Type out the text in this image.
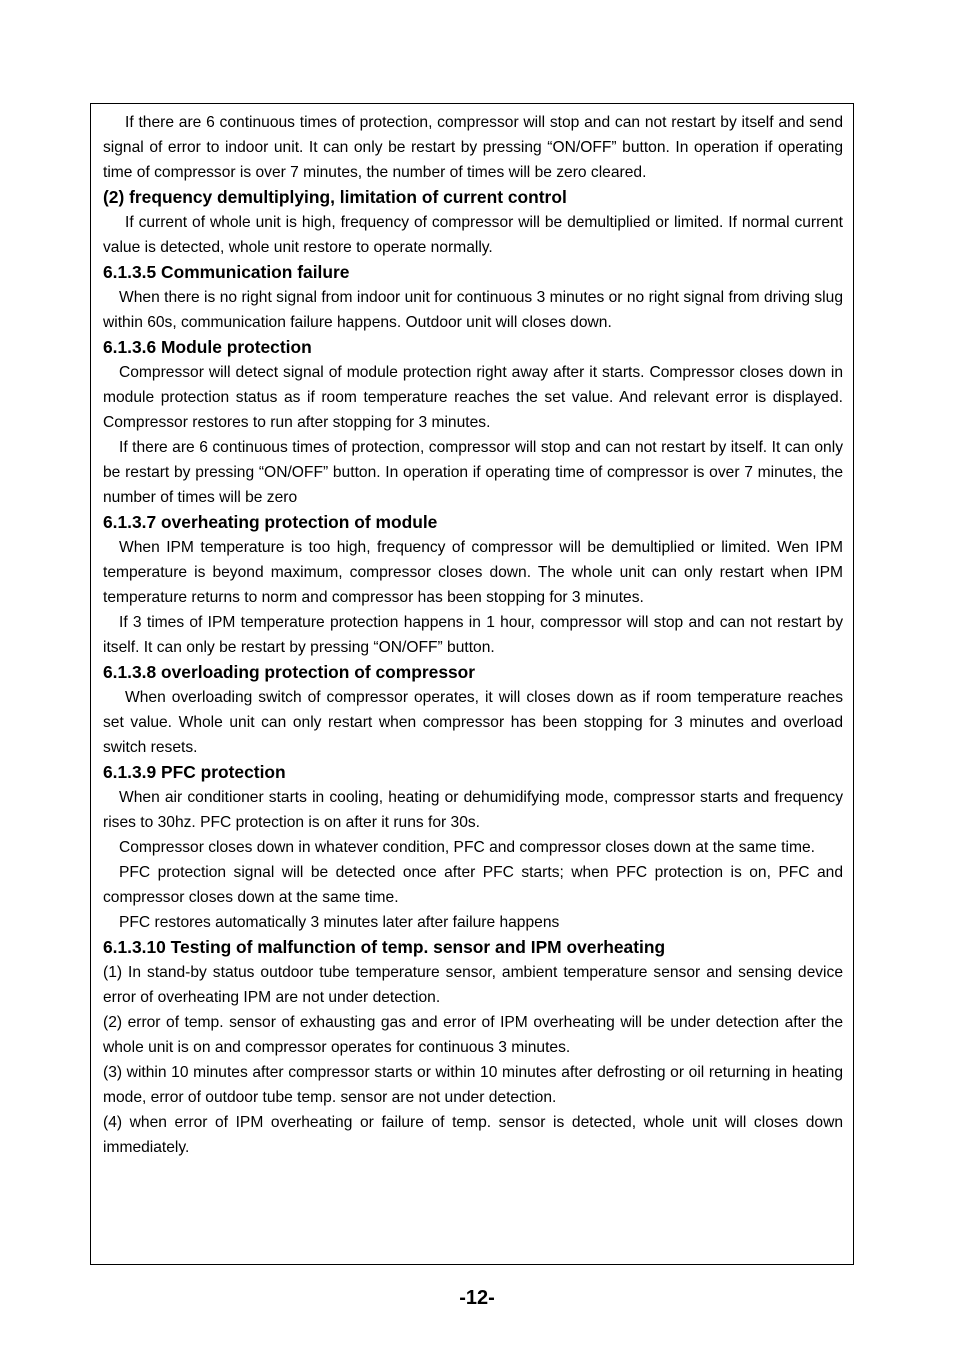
If there are 6 continuous times of protection, compressor will stop and can not restart by itself and send signal of error to indoor unit. It can only be restart by pressing “ON/OFF” button. In operation if operating time of compressor is over 7 minutes, the number of times will be zero cleared.

(2) frequency demultiplying, limitation of current control

If current of whole unit is high, frequency of compressor will be demultiplied or limited. If normal current value is detected, whole unit restore to operate normally.

6.1.3.5 Communication failure

When there is no right signal from indoor unit for continuous 3 minutes or no right signal from driving slug within 60s, communication failure happens. Outdoor unit will closes down.

6.1.3.6 Module protection

Compressor will detect signal of module protection right away after it starts. Compressor closes down in module protection status as if room temperature reaches the set value. And relevant error is displayed. Compressor restores to run after stopping for 3 minutes.

If there are 6 continuous times of protection, compressor will stop and can not restart by itself. It can only be restart by pressing “ON/OFF” button. In operation if operating time of compressor is over 7 minutes, the number of times will be zero

6.1.3.7 overheating protection of module

When IPM temperature is too high, frequency of compressor will be demultiplied or limited. Wen IPM temperature is beyond maximum, compressor closes down. The whole unit can only restart when IPM temperature returns to norm and compressor has been stopping for 3 minutes.

If 3 times of IPM temperature protection happens in 1 hour, compressor will stop and can not restart by itself. It can only be restart by pressing “ON/OFF” button.

6.1.3.8 overloading protection of compressor

When overloading switch of compressor operates, it will closes down as if room temperature reaches set value. Whole unit can only restart when compressor has been stopping for 3 minutes and overload switch resets.

6.1.3.9 PFC protection

When air conditioner starts in cooling, heating or dehumidifying mode, compressor starts and frequency rises to 30hz. PFC protection is on after it runs for 30s.

Compressor closes down in whatever condition, PFC and compressor closes down at the same time.

PFC protection signal will be detected once after PFC starts; when PFC protection is on, PFC and compressor closes down at the same time.

PFC restores automatically 3 minutes later after failure happens

6.1.3.10 Testing of malfunction of temp. sensor and IPM overheating

(1) In stand-by status outdoor tube temperature sensor, ambient temperature sensor and sensing device error of overheating IPM are not under detection.

(2) error of temp. sensor of exhausting gas and error of IPM overheating will be under detection after the whole unit is on and compressor operates for continuous 3 minutes.

(3) within 10 minutes after compressor starts or within 10 minutes after defrosting or oil returning in heating mode, error of outdoor tube temp. sensor are not under detection.

(4) when error of IPM overheating or failure of temp. sensor is detected, whole unit will closes down immediately.

-12-
